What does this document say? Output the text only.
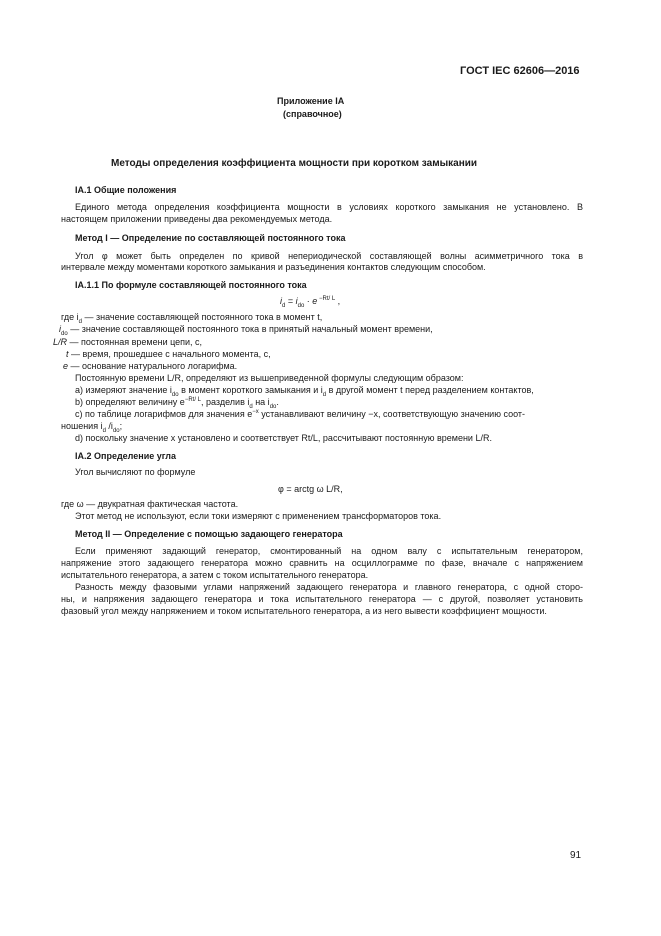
ГОСТ IEC 62606—2016
Приложение IA
(справочное)
Методы определения коэффициента мощности при коротком замыкании
IA.1 Общие положения
Единого метода определения коэффициента мощности в условиях короткого замыкания не установлено. В
настоящем приложении приведены два рекомендуемых метода.
Метод I — Определение по составляющей постоянного тока
Угол φ может быть определен по кривой непериодической составляющей волны асимметричного тока в
интервале между моментами короткого замыкания и разъединения контактов следующим способом.
IA.1.1 По формуле составляющей постоянного тока
$i_d = i_{do} \cdot e$ $^{-Rt/ L}$ ,
где $i_d$ — значение составляющей постоянного тока в момент t,
$i_{do}$ — значение составляющей постоянного тока в принятый начальный момент времени,
L/R — постоянная времени цепи, с,
t — время, прошедшее с начального момента, с,
e — основание натурального логарифма.
Постоянную времени L/R, определяют из вышеприведенной формулы следующим образом:
a) измеряют значение $i_{do}$ в момент короткого замыкания и $i_d$ в другой момент t перед разделением контактов,
b) определяют величину $e^{-Rt/ L}$, разделив $i_d$ на $i_{do}$.
c) по таблице логарифмов для значения $e^{-x}$ устанавливают величину −x, соответствующую значению соот-
ношения $i_d$ $/i_{do}$;
d) поскольку значение x установлено и соответствует Rt/L, рассчитывают постоянную времени L/R.
IA.2 Определение угла
Угол вычисляют по формуле
φ = arctg ω L/R,
где ω — двукратная фактическая частота.
Этот метод не используют, если токи измеряют с применением трансформаторов тока.
Метод II — Определение с помощью задающего генератора
Если применяют задающий генератор, смонтированный на одном валу с испытательным генератором,
напряжение этого задающего генератора можно сравнить на осциллограмме по фазе, вначале с напряжением
испытательного генератора, а затем с током испытательного генератора.
Разность между фазовыми углами напряжений задающего генератора и главного генератора, с одной сторо-
ны, и напряжения задающего генератора и тока испытательного генератора — с другой, позволяет установить
фазовый угол между напряжением и током испытательного генератора, а из него вывести коэффициент мощности.
91
